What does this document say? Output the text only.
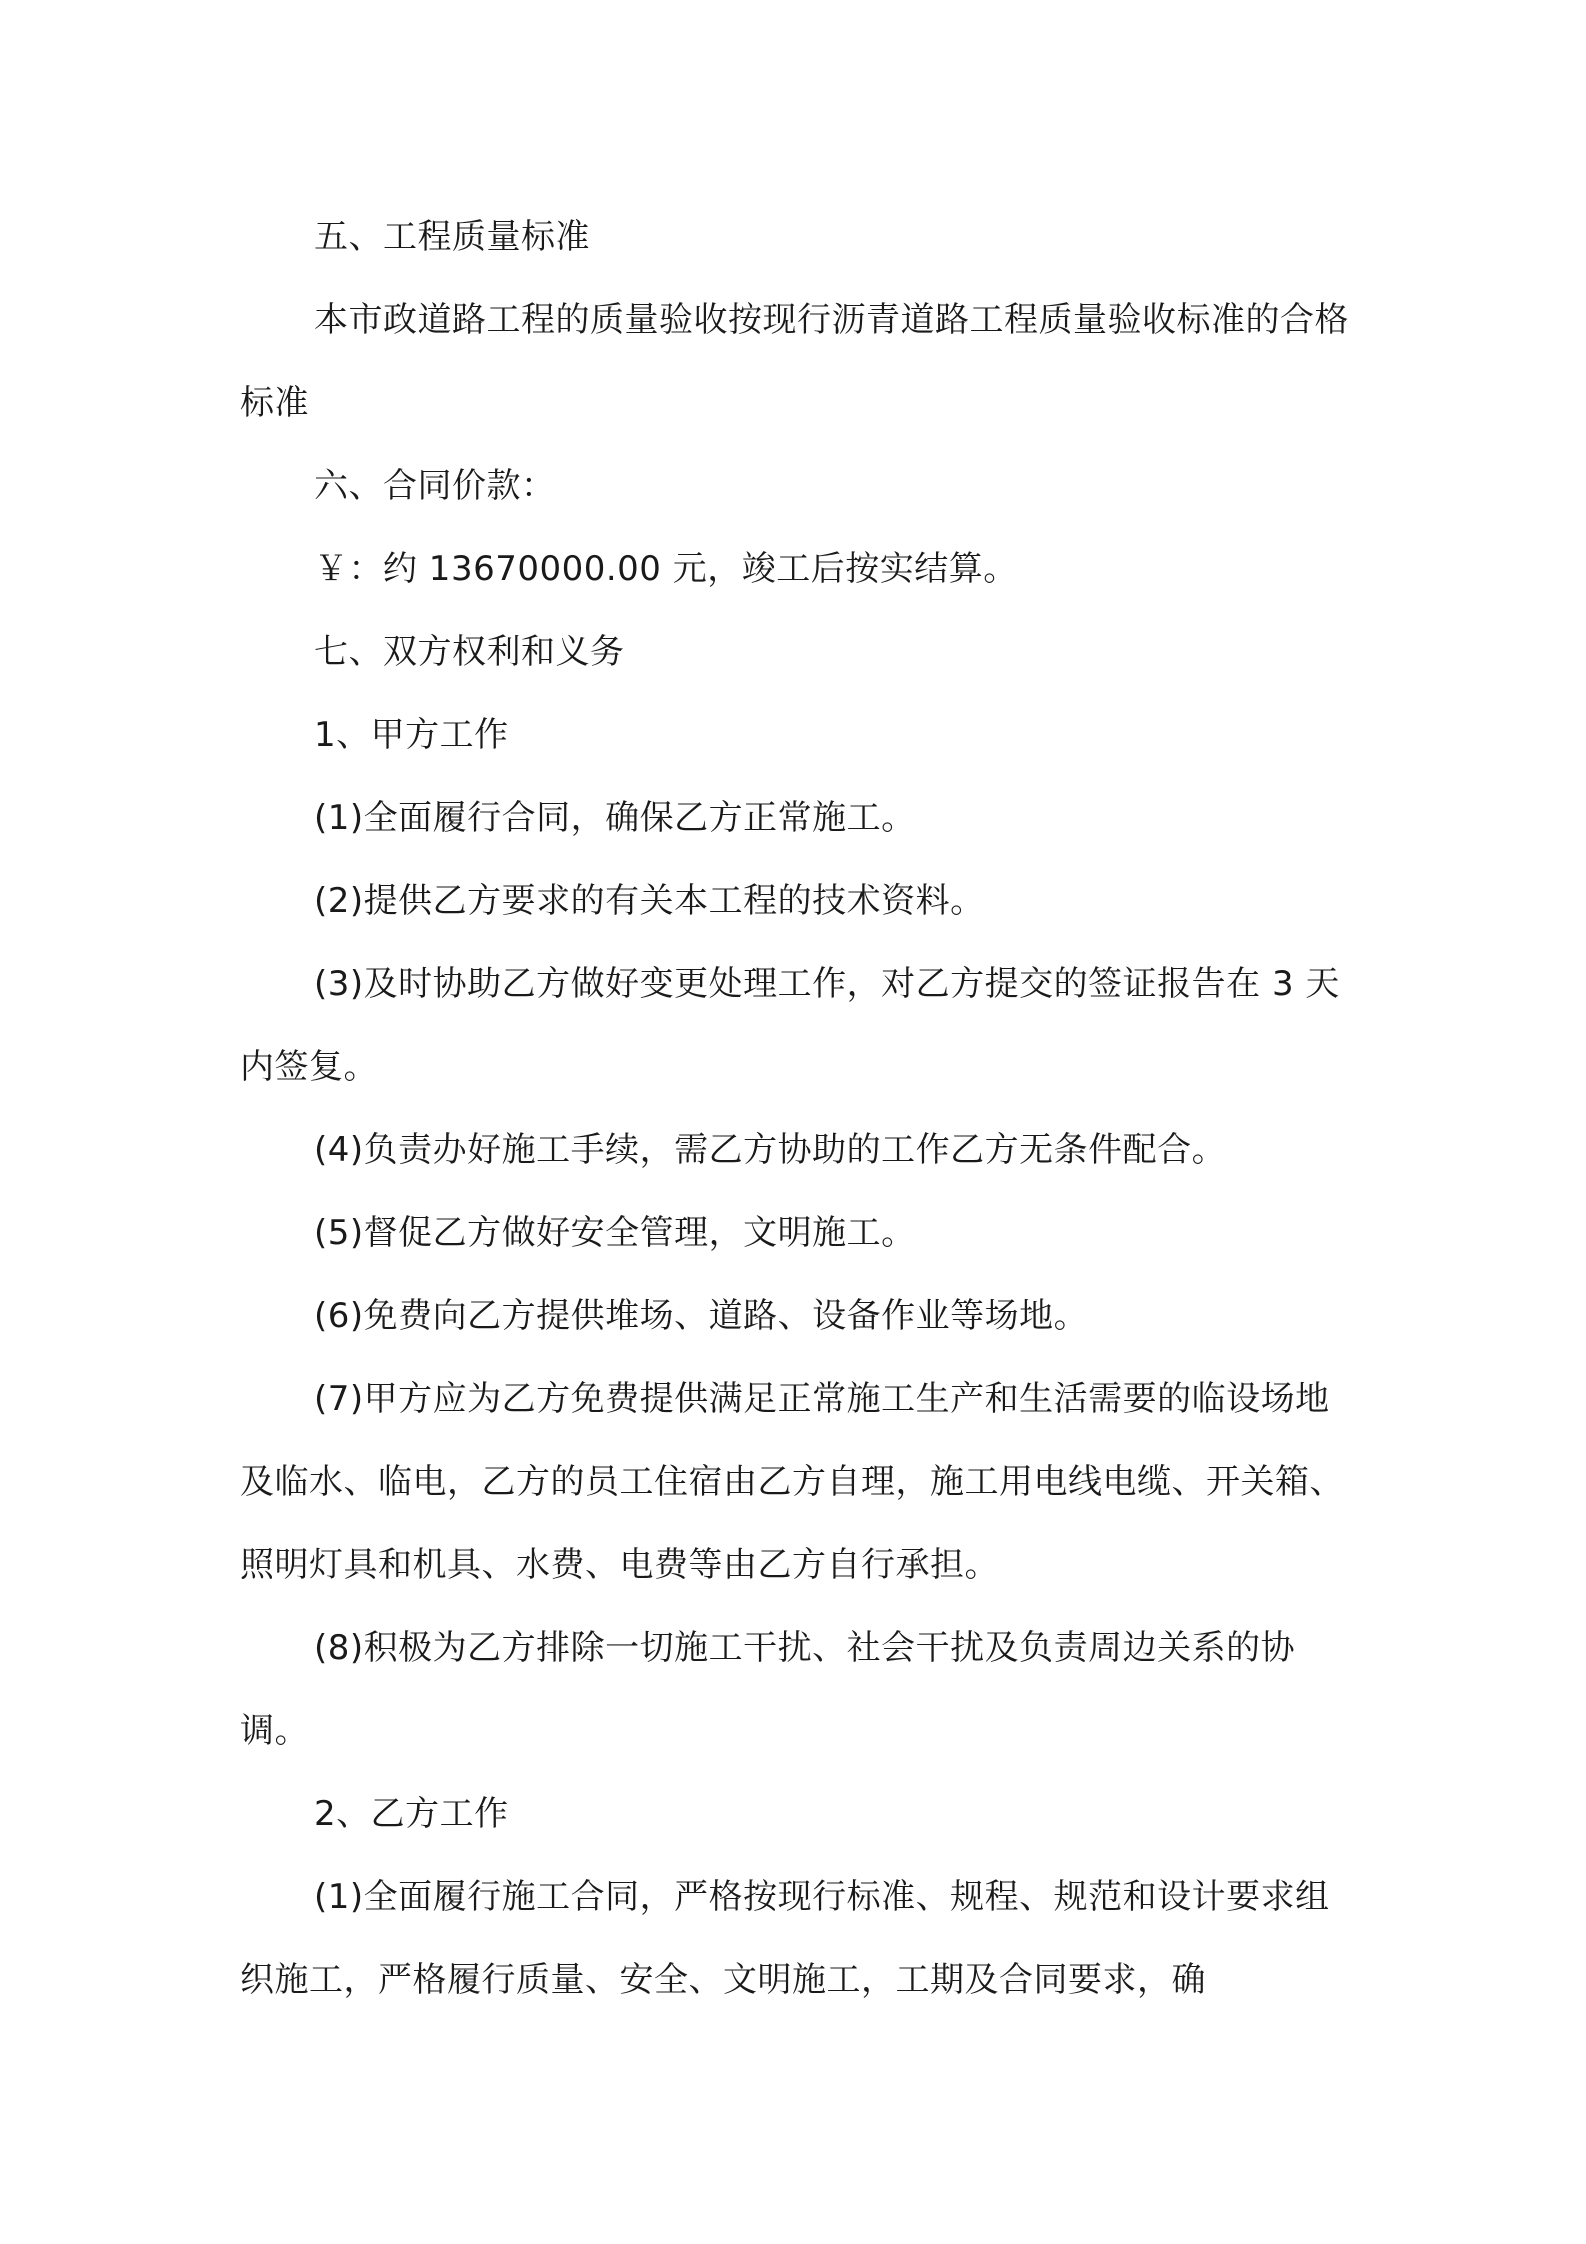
五、工程质量标准

本市政道路工程的质量验收按现行沥青道路工程质量验收标准的合格标准

六、合同价款：

￥：约 13670000.00 元，竣工后按实结算。

七、双方权利和义务

1、甲方工作

(1)全面履行合同，确保乙方正常施工。

(2)提供乙方要求的有关本工程的技术资料。

(3)及时协助乙方做好变更处理工作，对乙方提交的签证报告在 3 天内签复。

(4)负责办好施工手续，需乙方协助的工作乙方无条件配合。

(5)督促乙方做好安全管理，文明施工。

(6)免费向乙方提供堆场、道路、设备作业等场地。

(7)甲方应为乙方免费提供满足正常施工生产和生活需要的临设场地及临水、临电，乙方的员工住宿由乙方自理，施工用电线电缆、开关箱、照明灯具和机具、水费、电费等由乙方自行承担。

(8)积极为乙方排除一切施工干扰、社会干扰及负责周边关系的协调。

2、乙方工作

(1)全面履行施工合同，严格按现行标准、规程、规范和设计要求组织施工，严格履行质量、安全、文明施工，工期及合同要求，确
